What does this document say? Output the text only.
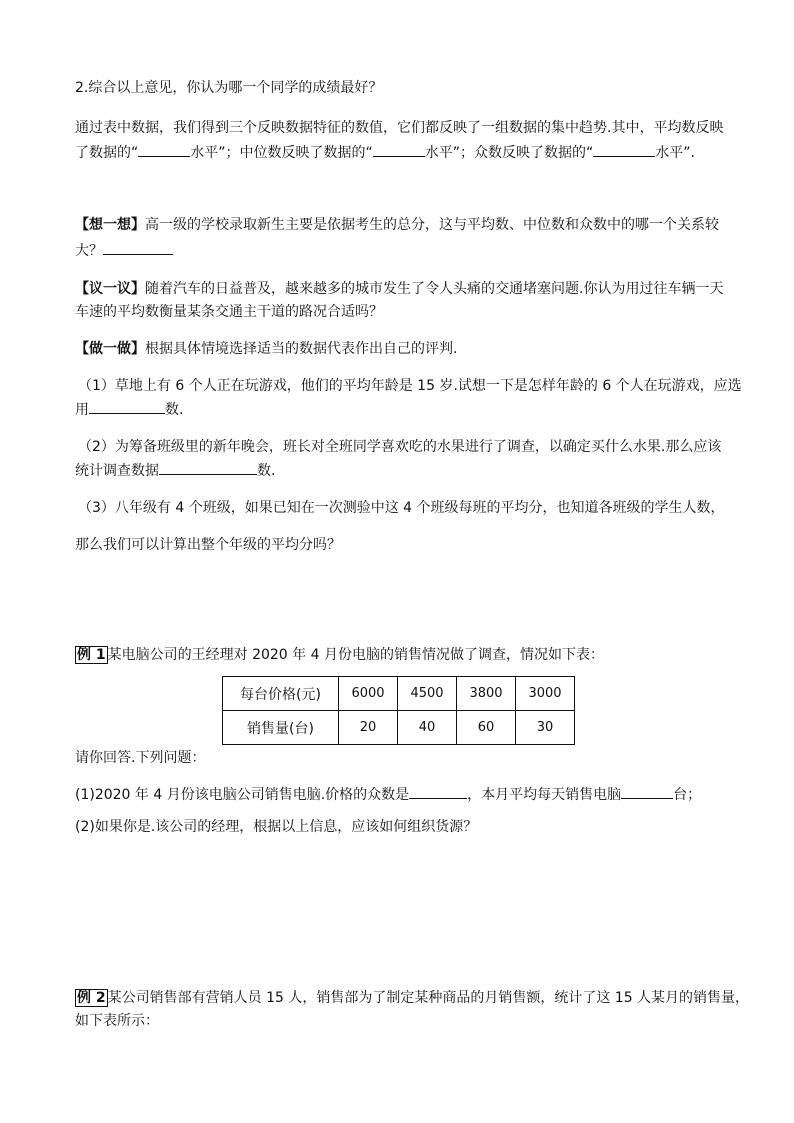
2.综合以上意见，你认为哪一个同学的成绩最好？
通过表中数据，我们得到三个反映数据特征的数值，它们都反映了一组数据的集中趋势.其中，平均数反映
了数据的“	水平”；中位数反映了数据的“	水平”；众数反映了数据的“	水平”.
【想一想】高一级的学校录取新生主要是依据考生的总分，这与平均数、中位数和众数中的哪一个关系较
大？
【议一议】随着汽车的日益普及，越来越多的城市发生了令人头痛的交通堵塞问题.你认为用过往车辆一天
车速的平均数衡量某条交通主干道的路况合适吗？
【做一做】根据具体情境选择适当的数据代表作出自己的评判.
（1）草地上有 6 个人正在玩游戏，他们的平均年龄是 15 岁.试想一下是怎样年龄的 6 个人在玩游戏，应选
用	数.
（2）为筹备班级里的新年晚会，班长对全班同学喜欢吃的水果进行了调查，以确定买什么水果.那么应该
统计调查数据	数.
（3）八年级有 4 个班级，如果已知在一次测验中这 4 个班级每班的平均分，也知道各班级的学生人数，
那么我们可以计算出整个年级的平均分吗？
例 1 某电脑公司的王经理对 2020 年 4 月份电脑的销售情况做了调查，情况如下表：
每台价格(元)	6000	4500	3800	3000
销售量(台)	20	40	60	30
请你回答.下列问题：
(1)2020 年 4 月份该电脑公司销售电脑.价格的众数是	，本月平均每天销售电脑	台；
(2)如果你是.该公司的经理，根据以上信息，应该如何组织货源？
例 2 某公司销售部有营销人员 15 人，销售部为了制定某种商品的月销售额，统计了这 15 人某月的销售量，
如下表所示：
